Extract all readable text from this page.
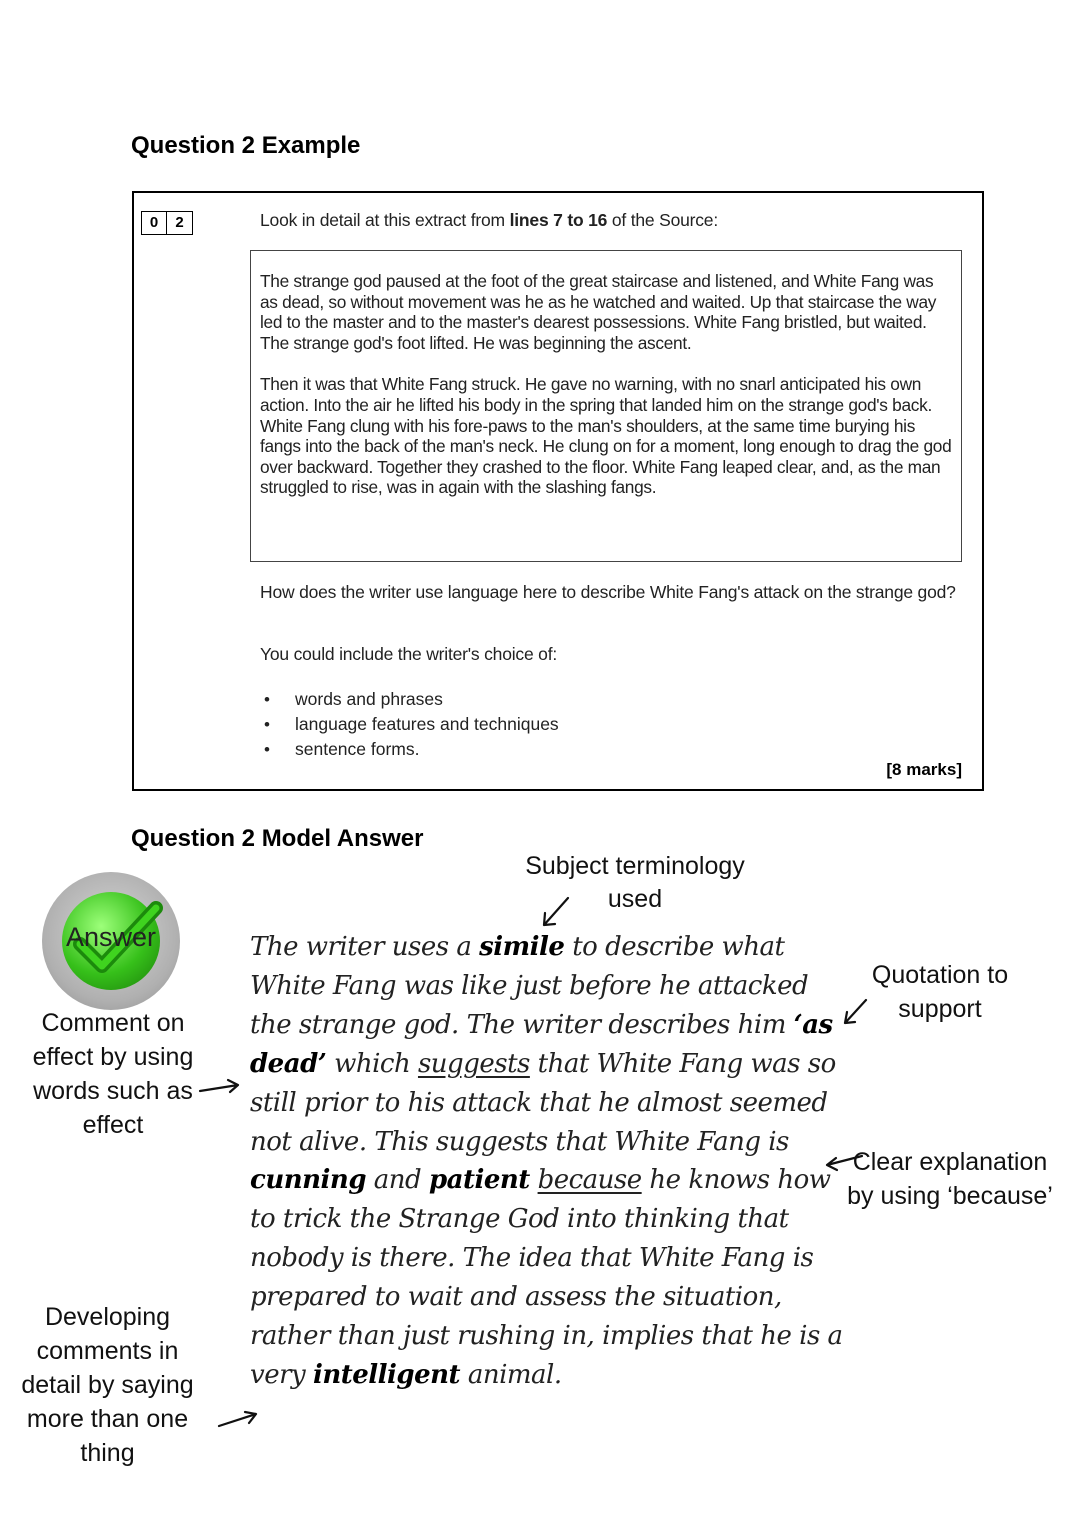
Question 2 Example
0	2	Look in detail at this extract from lines 7 to 16 of the Source:

The strange god paused at the foot of the great staircase and listened, and White Fang was as dead, so without movement was he as he watched and waited. Up that staircase the way led to the master and to the master's dearest possessions. White Fang bristled, but waited. The strange god's foot lifted. He was beginning the ascent.

Then it was that White Fang struck. He gave no warning, with no snarl anticipated his own action. Into the air he lifted his body in the spring that landed him on the strange god's back. White Fang clung with his fore-paws to the man's shoulders, at the same time burying his fangs into the back of the man's neck. He clung on for a moment, long enough to drag the god over backward. Together they crashed to the floor. White Fang leaped clear, and, as the man struggled to rise, was in again with the slashing fangs.

How does the writer use language here to describe White Fang's attack on the strange god?
You could include the writer's choice of:
• words and phrases
• language features and techniques
• sentence forms.
[8 marks]
Question 2 Model Answer
Answer
Subject terminology used
Quotation to support
Comment on effect by using words such as effect
Clear explanation by using ‘because’
Developing comments in detail by saying more than one thing
The writer uses a simile to describe what White Fang was like just before he attacked the strange god. The writer describes him ‘as dead’ which suggests that White Fang was so still prior to his attack that he almost seemed not alive. This suggests that White Fang is cunning and patient because he knows how to trick the Strange God into thinking that nobody is there. The idea that White Fang is prepared to wait and assess the situation, rather than just rushing in, implies that he is a very intelligent animal.
